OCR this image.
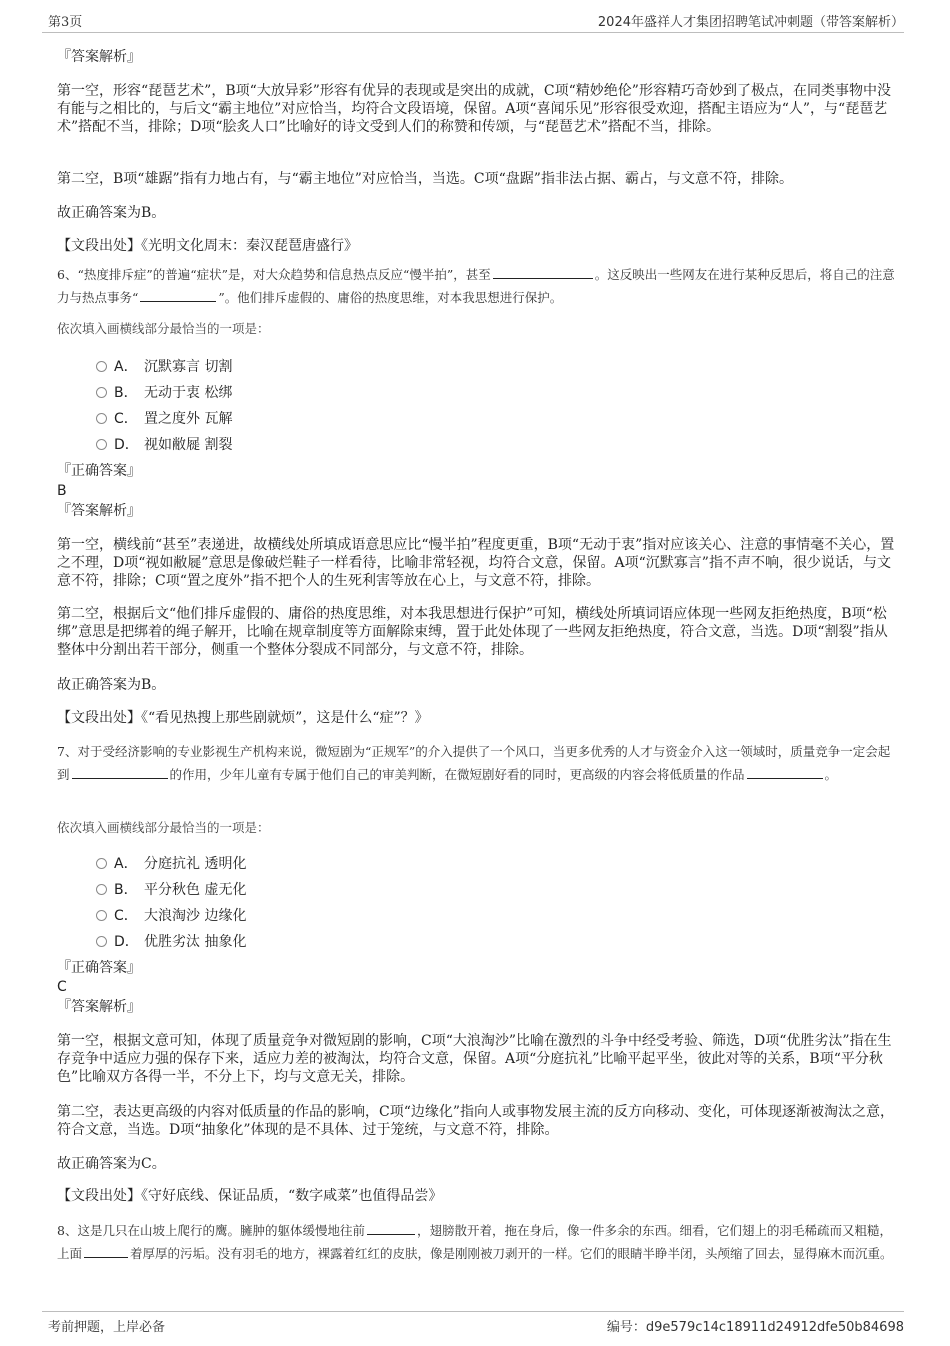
第3页	2024年盛祥人才集团招聘笔试冲刺题（带答案解析）
『答案解析』
第一空，形容“琵琶艺术”，B项“大放异彩”形容有优异的表现或是突出的成就，C项“精妙绝伦”形容精巧奇妙到了极点，在同类事物中没有能与之相比的，与后文“霸主地位”对应恰当，均符合文段语境，保留。A项“喜闻乐见”形容很受欢迎，搭配主语应为“人”，与“琵琶艺术”搭配不当，排除；D项“脍炙人口”比喻好的诗文受到人们的称赞和传颂，与“琵琶艺术”搭配不当，排除。
第二空，B项“雄踞”指有力地占有，与“霸主地位”对应恰当，当选。C项“盘踞”指非法占据、霸占，与文意不符，排除。
故正确答案为B。
【文段出处】《光明文化周末：秦汉琵琶唐盛行》
6、“热度排斥症”的普遍“症状”是，对大众趋势和信息热点反应“慢半拍”，甚至	。这反映出一些网友在进行某种反思后，将自己的注意力与热点事务“	”。他们排斥虚假的、庸俗的热度思维，对本我思想进行保护。
依次填入画横线部分最恰当的一项是：
A． 沉默寡言 切割
B． 无动于衷 松绑
C． 置之度外 瓦解
D． 视如敝屣 割裂
『正确答案』
B
『答案解析』
第一空，横线前“甚至”表递进，故横线处所填成语意思应比“慢半拍”程度更重，B项“无动于衷”指对应该关心、注意的事情毫不关心，置之不理，D项“视如敝屣”意思是像破烂鞋子一样看待，比喻非常轻视，均符合文意，保留。A项“沉默寡言”指不声不响，很少说话，与文意不符，排除；C项“置之度外”指不把个人的生死利害等放在心上，与文意不符，排除。
第二空，根据后文“他们排斥虚假的、庸俗的热度思维，对本我思想进行保护”可知，横线处所填词语应体现一些网友拒绝热度，B项“松绑”意思是把绑着的绳子解开，比喻在规章制度等方面解除束缚，置于此处体现了一些网友拒绝热度，符合文意，当选。D项“割裂”指从整体中分割出若干部分，侧重一个整体分裂成不同部分，与文意不符，排除。
故正确答案为B。
【文段出处】《“看见热搜上那些剧就烦”，这是什么“症”？》
7、对于受经济影响的专业影视生产机构来说，微短剧为“正规军”的介入提供了一个风口，当更多优秀的人才与资金介入这一领域时，质量竞争一定会起到	的作用，少年儿童有专属于他们自己的审美判断，在微短剧好看的同时，更高级的内容会将低质量的作品	。
依次填入画横线部分最恰当的一项是：
A． 分庭抗礼 透明化
B． 平分秋色 虚无化
C． 大浪淘沙 边缘化
D． 优胜劣汰 抽象化
『正确答案』
C
『答案解析』
第一空，根据文意可知，体现了质量竞争对微短剧的影响，C项“大浪淘沙”比喻在激烈的斗争中经受考验、筛选，D项“优胜劣汰”指在生存竞争中适应力强的保存下来，适应力差的被淘汰，均符合文意，保留。A项“分庭抗礼”比喻平起平坐，彼此对等的关系，B项“平分秋色”比喻双方各得一半，不分上下，均与文意无关，排除。
第二空，表达更高级的内容对低质量的作品的影响，C项“边缘化”指向人或事物发展主流的反方向移动、变化，可体现逐渐被淘汰之意，符合文意，当选。D项“抽象化”体现的是不具体、过于笼统，与文意不符，排除。
故正确答案为C。
【文段出处】《守好底线、保证品质，“数字咸菜”也值得品尝》
8、这是几只在山坡上爬行的鹰。臃肿的躯体缓慢地往前	，翅膀散开着，拖在身后，像一件多余的东西。细看，它们翅上的羽毛稀疏而又粗糙，上面	着厚厚的污垢。没有羽毛的地方，裸露着红红的皮肤，像是刚刚被刀剥开的一样。它们的眼睛半睁半闭，头颅缩了回去，显得麻木而沉重。
考前押题，上岸必备	编号：d9e579c14c18911d24912dfe50b84698
